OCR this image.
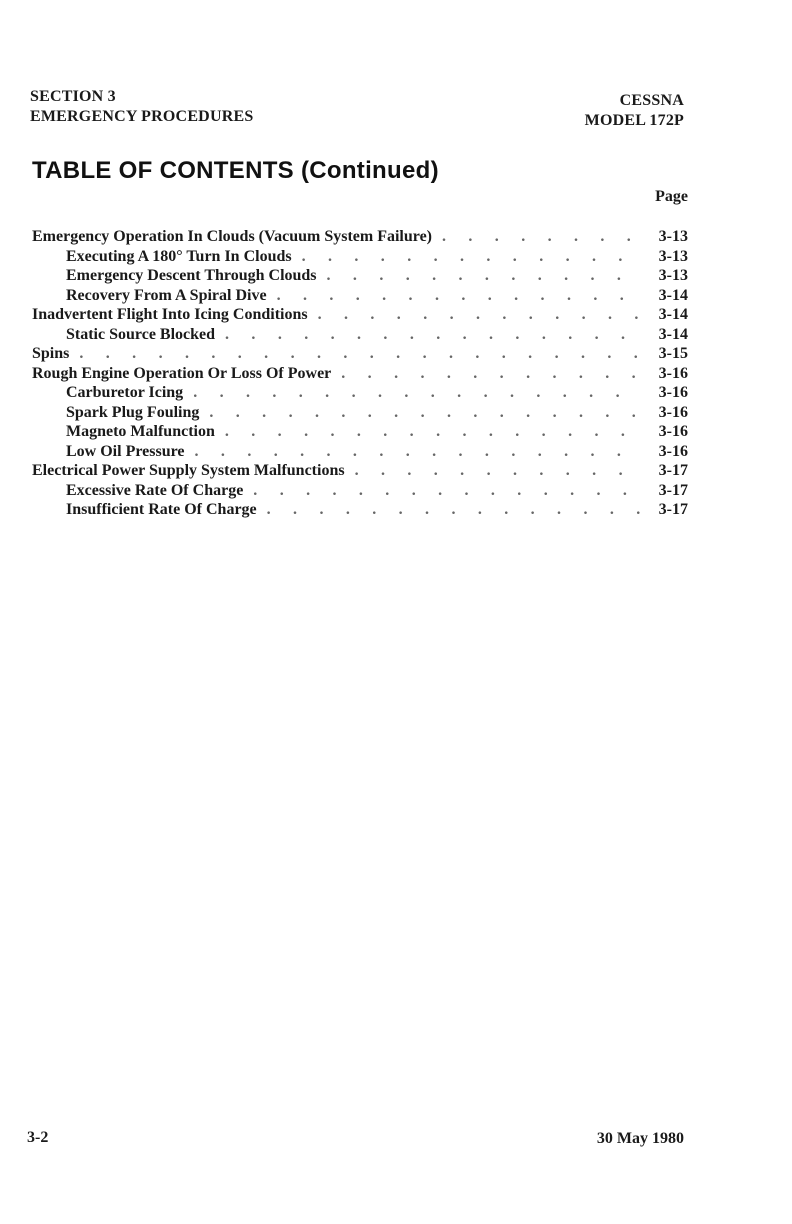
SECTION 3
EMERGENCY PROCEDURES
CESSNA
MODEL 172P
TABLE OF CONTENTS (Continued)
Page
Emergency Operation In Clouds (Vacuum System Failure) . . .	3-13
Executing A 180° Turn In Clouds . . .	3-13
Emergency Descent Through Clouds . . .	3-13
Recovery From A Spiral Dive . . .	3-14
Inadvertent Flight Into Icing Conditions . . .	3-14
Static Source Blocked . . .	3-14
Spins . . .	3-15
Rough Engine Operation Or Loss Of Power . . .	3-16
Carburetor Icing . . .	3-16
Spark Plug Fouling . . .	3-16
Magneto Malfunction . . .	3-16
Low Oil Pressure . . .	3-16
Electrical Power Supply System Malfunctions . . .	3-17
Excessive Rate Of Charge . . .	3-17
Insufficient Rate Of Charge . . .	3-17
3-2	30 May 1980
